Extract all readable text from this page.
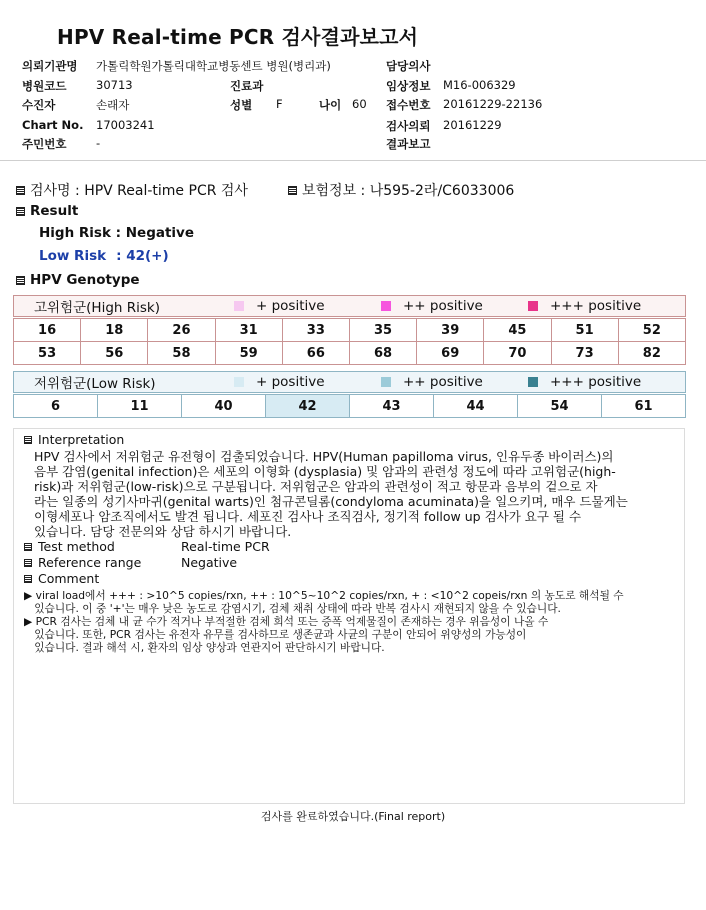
HPV Real-time PCR 검사결과보고서
의뢰기관명 가톨릭학원가톨릭대학교병동센트 병원(병리과)
병원코드	30713
수진자	손래자
Chart No. 17003241
주민번호	-
진료과
성별 F	나이 60
담당의사
임상정보 M16-006329
접수번호 20161229-22136
검사의뢰 20161229
결과보고
검사명 : HPV Real-time PCR 검사	보험정보 : 나595-2라/C6033006
Result
High Risk : Negative
Low Risk : 42(+)
HPV Genotype
고위험군(High Risk)	+ positive	++ positive	+++ positive
16	18	26	31	33	35	39	45	51	52
53	56	58	59	66	68	69	70	73	82
저위험군(Low Risk)	+ positive	++ positive	+++ positive
6	11	40	42	43	44	54	61
Interpretation
HPV 검사에서 저위험군 유전형이 검출되었습니다. HPV(Human papilloma virus, 인유두종 바이러스)의
음부 감염(genital infection)은 세포의 이형화 (dysplasia) 및 암과의 관련성 정도에 따라 고위험군(high-
risk)과 저위험군(low-risk)으로 구분됩니다. 저위험군은 암과의 관련성이 적고 항문과 음부의 겉으로 자
라는 일종의 성기사마귀(genital warts)인 첨규콘딜롬(condyloma acuminata)을 일으키며, 매우 드물게는
이형세포나 암조직에서도 발견 됩니다. 세포진 검사나 조직검사, 정기적 follow up 검사가 요구 될 수
있습니다. 담당 전문의와 상담 하시기 바랍니다.
Test method	Real-time PCR
Reference range	Negative
Comment
▶ viral load에서 +++ : >10^5 copies/rxn, ++ : 10^5~10^2 copies/rxn, + : <10^2 copeis/rxn 의 농도로 해석될 수
있습니다. 이 중 '+'는 매우 낮은 농도로 감염시기, 검체 채취 상태에 따라 반복 검사시 재현되지 않을 수 있습니다.
▶ PCR 검사는 검체 내 균 수가 적거나 부적절한 검체 희석 또는 증폭 억제물질이 존재하는 경우 위음성이 나올 수
있습니다. 또한, PCR 검사는 유전자 유무를 검사하므로 생존균과 사균의 구분이 안되어 위양성의 가능성이
있습니다. 결과 해석 시, 환자의 임상 양상과 연관지어 판단하시기 바랍니다.
검사를 완료하였습니다.(Final report)
